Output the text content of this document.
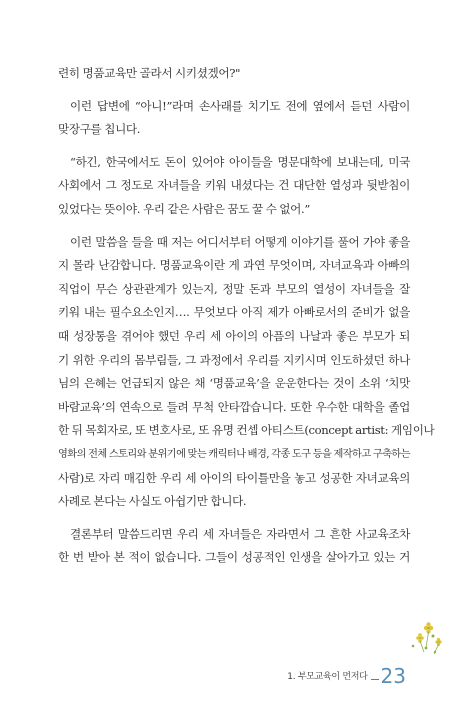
련히 명품교육만 골라서 시키셨겠어?"
이런 답변에 “아니!”라며 손사래를 치기도 전에 옆에서 듣던 사람이
맞장구를 칩니다.
“하긴, 한국에서도 돈이 있어야 아이들을 명문대학에 보내는데, 미국
사회에서 그 정도로 자녀들을 키워 내셨다는 건 대단한 열성과 뒷받침이
있었다는 뜻이야. 우리 같은 사람은 꿈도 꿀 수 없어.”
이런 말씀을 들을 때 저는 어디서부터 어떻게 이야기를 풀어 가야 좋을
지 몰라 난감합니다. 명품교육이란 게 과연 무엇이며, 자녀교육과 아빠의
직업이 무슨 상관관계가 있는지, 정말 돈과 부모의 열성이 자녀들을 잘
키워 내는 필수요소인지…. 무엇보다 아직 제가 아빠로서의 준비가 없을
때 성장통을 겪어야 했던 우리 세 아이의 아픔의 나날과 좋은 부모가 되
기 위한 우리의 몸부림들, 그 과정에서 우리를 지키시며 인도하셨던 하나
님의 은혜는 언급되지 않은 채 ‘명품교육’을 운운한다는 것이 소위 ‘치맛
바람교육’의 연속으로 들려 무척 안타깝습니다. 또한 우수한 대학을 졸업
한 뒤 목회자로, 또 변호사로, 또 유명 컨셉 아티스트(concept artist: 게임이나
영화의 전체 스토리와 분위기에 맞는 캐릭터나 배경, 각종 도구 등을 제작하고 구축하는
사람)로 자리 매김한 우리 세 아이의 타이틀만을 놓고 성공한 자녀교육의
사례로 본다는 사실도 아쉽기만 합니다.
결론부터 말씀드리면 우리 세 자녀들은 자라면서 그 흔한 사교육조차
한 번 받아 본 적이 없습니다. 그들이 성공적인 인생을 살아가고 있는 거
1. 부모교육이 먼저다 23
